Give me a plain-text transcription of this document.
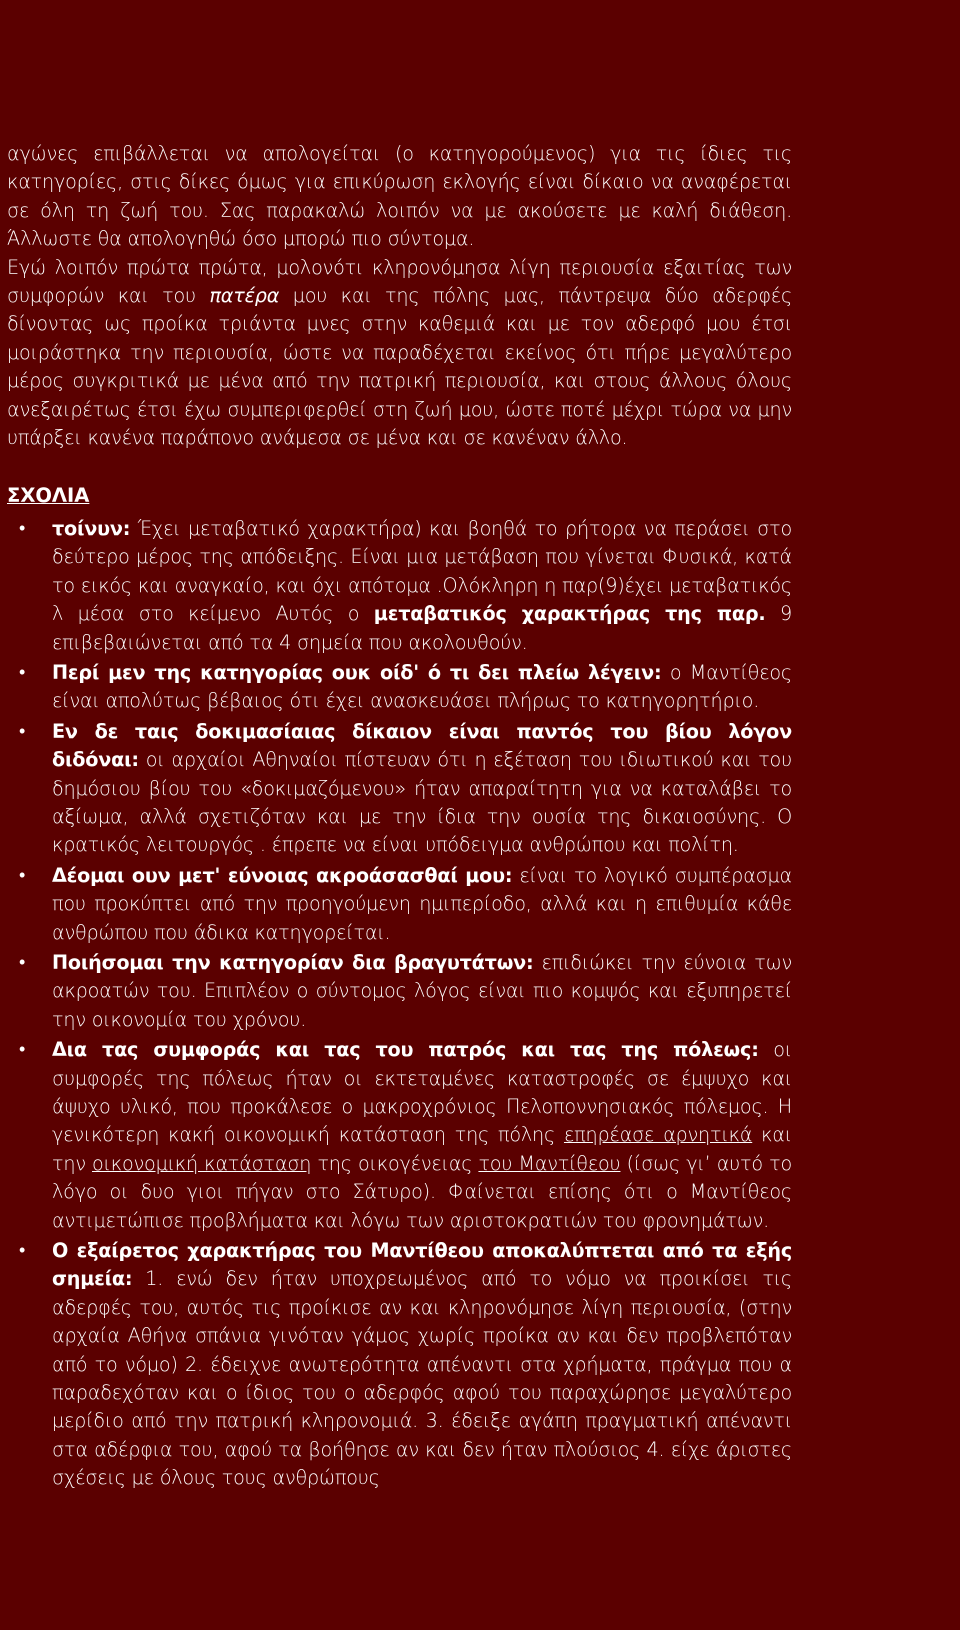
αγώνες επιβάλλεται να απολογείται (ο κατηγορούμενος) για τις ίδιες τις κατηγορίες, στις δίκες όμως για επικύρωση εκλογής είναι δίκαιο να αναφέρεται σε όλη τη ζωή του. Σας παρακαλώ λοιπόν να με ακούσετε με καλή διάθεση. Άλλωστε θα απολογηθώ όσο μπορώ πιο σύντομα.

Εγώ λοιπόν πρώτα πρώτα, μολονότι κληρονόμησα λίγη περιουσία εξαιτίας των συμφορών και του πατέρα μου και της πόλης μας, πάντρεψα δύο αδερφές δίνοντας ως προίκα τριάντα μνες στην καθεμιά και με τον αδερφό μου έτσι μοιράστηκα την περιουσία, ώστε να παραδέχεται εκείνος ότι πήρε μεγαλύτερο μέρος συγκριτικά με μένα από την πατρική περιουσία, και στους άλλους όλους ανεξαιρέτως έτσι έχω συμπεριφερθεί στη ζωή μου, ώστε ποτέ μέχρι τώρα να μην υπάρξει κανένα παράπονο ανάμεσα σε μένα και σε κανέναν άλλο.

ΣΧΟΛΙΑ
• τοίνυν: Έχει μεταβατικό χαρακτήρα) και βοηθά το ρήτορα να περάσει στο δεύτερο μέρος της απόδειξης. Είναι μια μετάβαση που γίνεται Φυσικά, κατά το εικός και αναγκαίο, και όχι απότομα .Ολόκληρη η παρ(9)έχει μεταβατικός λ μέσα στο κείμενο Αυτός ο μεταβατικός χαρακτήρας της παρ. 9 επιβεβαιώνεται από τα 4 σημεία που ακολουθούν.
• Περί μεν της κατηγορίας ουκ οίδ' ό τι δει πλείω λέγειν: ο Μαντίθεος είναι απολύτως βέβαιος ότι έχει ανασκευάσει πλήρως το κατηγορητήριο.
• Εν δε ταις δοκιμασίαιας δίκαιον είναι παντός του βίου λόγον διδόναι: οι αρχαίοι Αθηναίοι πίστευαν ότι η εξέταση του ιδιωτικού και του δημόσιου βίου του «δοκιμαζόμενου» ήταν απαραίτητη για να καταλάβει το αξίωμα, αλλά σχετιζόταν και με την ίδια την ουσία της δικαιοσύνης. Ο κρατικός λειτουργός . έπρεπε να είναι υπόδειγμα ανθρώπου και πολίτη.
• Δέομαι ουν μετ' εύνοιας ακροάσασθαί μου: είναι το λογικό συμπέρασμα που προκύπτει από την προηγούμενη ημιπερίοδο, αλλά και η επιθυμία κάθε ανθρώπου που άδικα κατηγορείται.
• Ποιήσομαι την κατηγορίαν δια βραγυτάτων: επιδιώκει την εύνοια των ακροατών του. Επιπλέον ο σύντομος λόγος είναι πιο κομψός και εξυπηρετεί την οικονομία του χρόνου.
• Δια τας συμφοράς και τας του πατρός και τας της πόλεως: οι συμφορές της πόλεως ήταν οι εκτεταμένες καταστροφές σε έμψυχο και άψυχο υλικό, που προκάλεσε ο μακροχρόνιος Πελοποννησιακός πόλεμος. Η γενικότερη κακή οικονομική κατάσταση της πόλης επηρέασε αρνητικά και την οικονομική κατάσταση της οικογένειας του Μαντίθεου (ίσως γι’ αυτό το λόγο οι δυο γιοι πήγαν στο Σάτυρο). Φαίνεται επίσης ότι ο Μαντίθεος αντιμετώπισε προβλήματα και λόγω των αριστοκρατιών του φρονημάτων.
• Ο εξαίρετος χαρακτήρας του Μαντίθεου αποκαλύπτεται από τα εξής σημεία: 1. ενώ δεν ήταν υποχρεωμένος από το νόμο να προικίσει τις αδερφές του, αυτός τις προίκισε αν και κληρονόμησε λίγη περιουσία, (στην αρχαία Αθήνα σπάνια γινόταν γάμος χωρίς προίκα αν και δεν προβλεπόταν από το νόμο) 2. έδειχνε ανωτερότητα απέναντι στα χρήματα, πράγμα που α παραδεχόταν και ο ίδιος του ο αδερφός αφού του παραχώρησε μεγαλύτερο μερίδιο από την πατρική κληρονομιά. 3. έδειξε αγάπη πραγματική απέναντι στα αδέρφια του, αφού τα βοήθησε αν και δεν ήταν πλούσιος 4. είχε άριστες σχέσεις με όλους τους ανθρώπους
